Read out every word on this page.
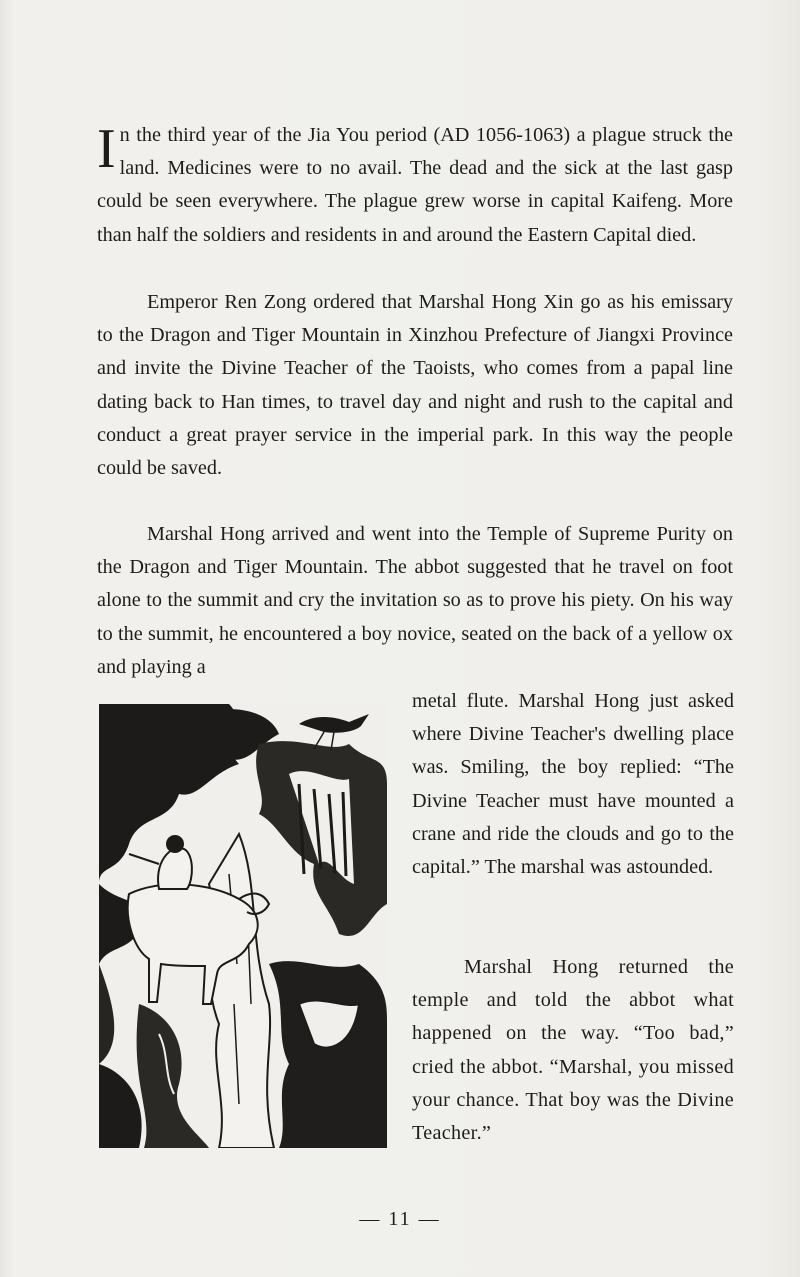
In the third year of the Jia You period (AD 1056-1063) a plague struck the land. Medicines were to no avail. The dead and the sick at the last gasp could be seen everywhere. The plague grew worse in capital Kaifeng. More than half the soldiers and residents in and around the Eastern Capital died.

Emperor Ren Zong ordered that Marshal Hong Xin go as his emissary to the Dragon and Tiger Mountain in Xinzhou Prefecture of Jiangxi Province and invite the Divine Teacher of the Taoists, who comes from a papal line dating back to Han times, to travel day and night and rush to the capital and conduct a great prayer service in the imperial park. In this way the people could be saved.

Marshal Hong arrived and went into the Temple of Supreme Purity on the Dragon and Tiger Mountain. The abbot suggested that he travel on foot alone to the summit and cry the invitation so as to prove his piety. On his way to the summit, he encountered a boy novice, seated on the back of a yellow ox and playing a

metal flute. Marshal Hong just asked where Divine Teacher's dwelling place was. Smiling, the boy replied: “The Divine Teacher must have mounted a crane and ride the clouds and go to the capital.” The marshal was astounded.

Marshal Hong returned the temple and told the abbot what happened on the way. “Too bad,” cried the abbot. “Marshal, you missed your chance. That boy was the Divine Teacher.”

— 11 —
